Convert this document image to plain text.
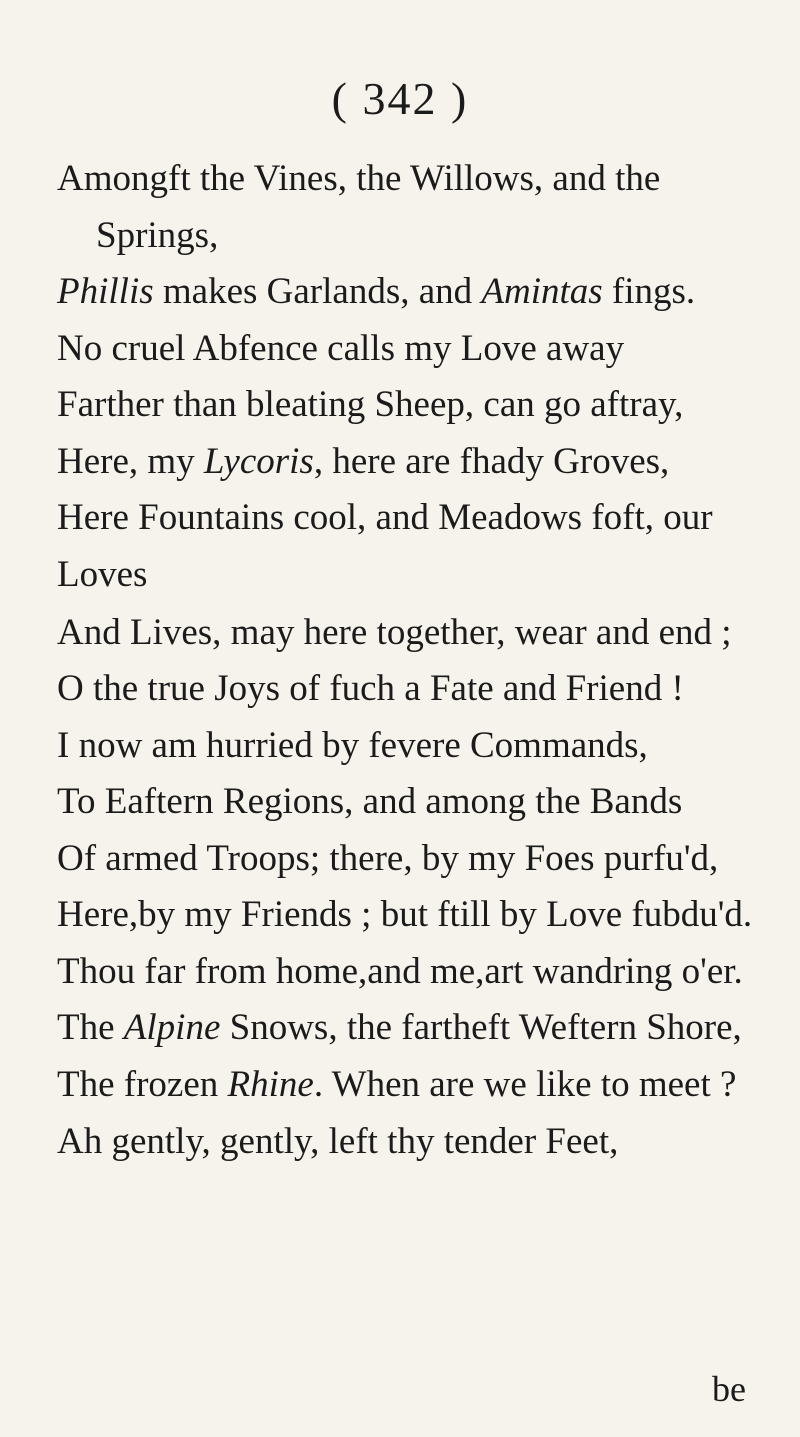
( 342 )
Amongft the Vines, the Willows, and the
Springs,
Phillis makes Garlands, and Amintas fings.
No cruel Abfence calls my Love away
Farther than bleating Sheep, can go aftray,
Here, my Lycoris, here are fhady Groves,
Here Fountains cool, and Meadows foft, our
Loves
And Lives, may here together, wear and end ;
O the true Joys of fuch a Fate and Friend !
I now am hurried by fevere Commands,
To Eaftern Regions, and among the Bands
Of armed Troops; there, by my Foes purfu'd,
Here,by my Friends ; but ftill by Love fubdu'd.
Thou far from home,and me,art wandring o'er.
The Alpine Snows, the fartheft Weftern Shore,
The frozen Rhine. When are we like to meet ?
Ah gently, gently, left thy tender Feet,
be
